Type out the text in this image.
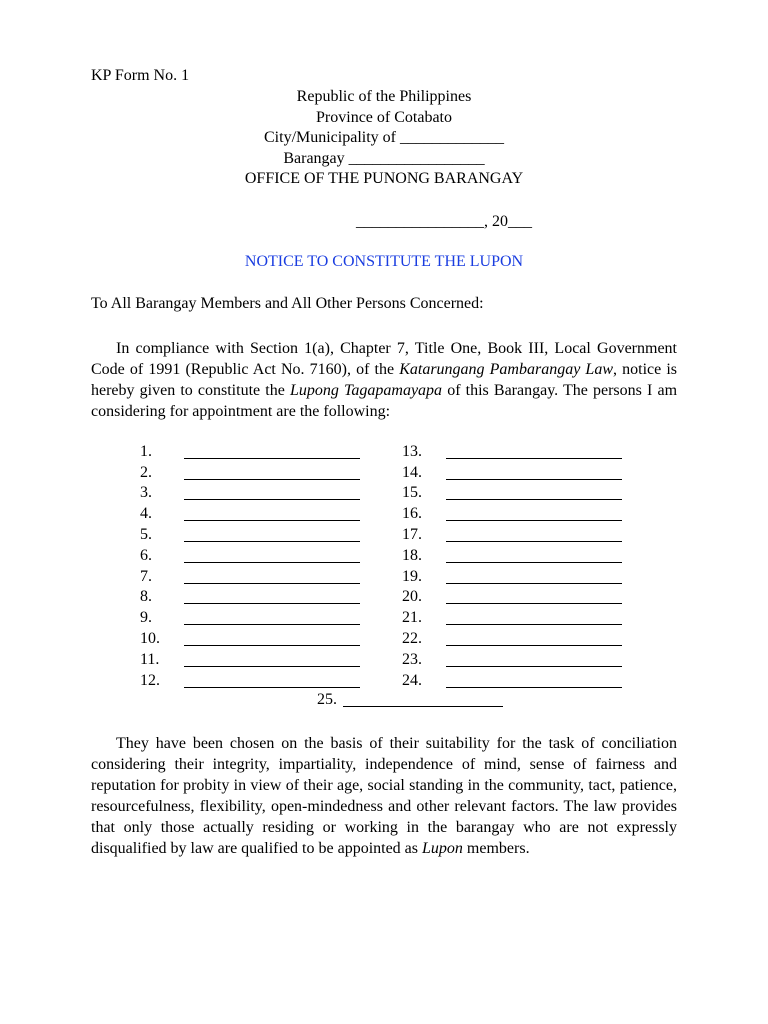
KP Form No. 1
Republic of the Philippines
Province of Cotabato
City/Municipality of _____________
Barangay _________________
OFFICE OF THE PUNONG BARANGAY
________________, 20___
NOTICE TO CONSTITUTE THE LUPON
To All Barangay Members and All Other Persons Concerned:
In compliance with Section 1(a), Chapter 7, Title One, Book III, Local Government Code of 1991 (Republic Act No. 7160), of the Katarungang Pambarangay Law, notice is hereby given to constitute the Lupong Tagapamayapa of this Barangay. The persons I am considering for appointment are the following:
1.
2.
3.
4.
5.
6.
7.
8.
9.
10.
11.
12.
13.
14.
15.
16.
17.
18.
19.
20.
21.
22.
23.
24.
25.
They have been chosen on the basis of their suitability for the task of conciliation considering their integrity, impartiality, independence of mind, sense of fairness and reputation for probity in view of their age, social standing in the community, tact, patience, resourcefulness, flexibility, open-mindedness and other relevant factors. The law provides that only those actually residing or working in the barangay who are not expressly disqualified by law are qualified to be appointed as Lupon members.
